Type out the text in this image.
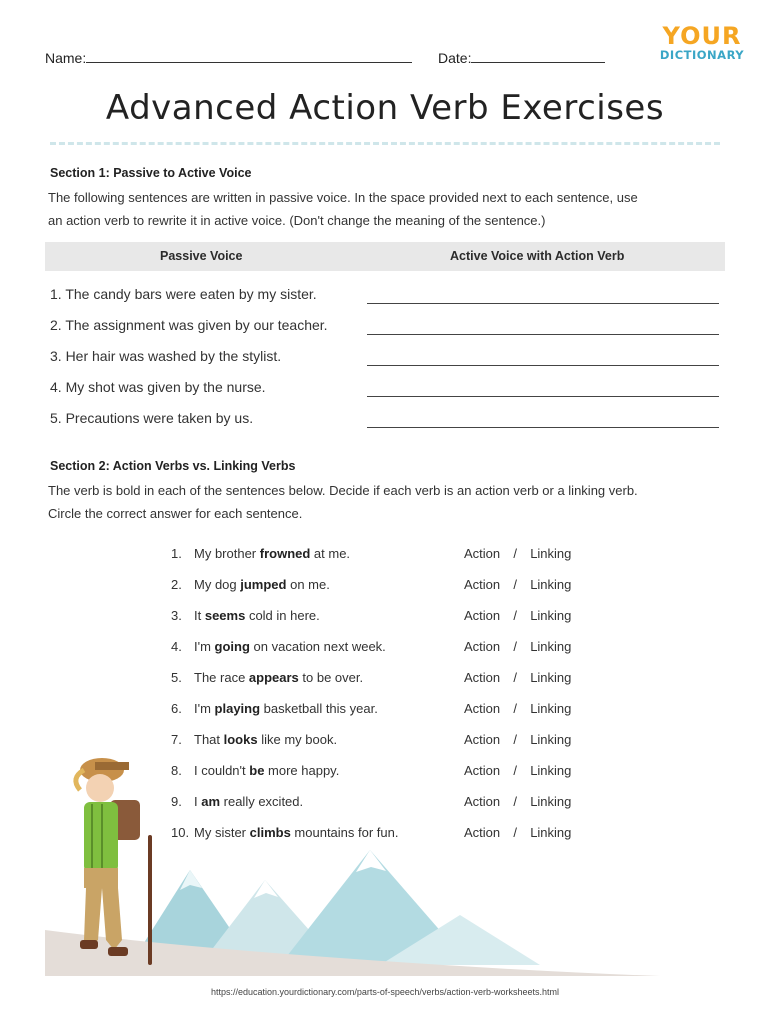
Name:	Date:
YOUR
DICTIONARY
Advanced Action Verb Exercises
Section 1: Passive to Active Voice
The following sentences are written in passive voice. In the space provided next to each sentence, use
an action verb to rewrite it in active voice. (Don't change the meaning of the sentence.)
Passive Voice	Active Voice with Action Verb
1. The candy bars were eaten by my sister.
2. The assignment was given by our teacher.
3. Her hair was washed by the stylist.
4. My shot was given by the nurse.
5. Precautions were taken by us.
Section 2: Action Verbs vs. Linking Verbs
The verb is bold in each of the sentences below. Decide if each verb is an action verb or a linking verb.
Circle the correct answer for each sentence.
1. My brother frowned at me.	Action  /  Linking
2. My dog jumped on me.	Action  /  Linking
3. It seems cold in here.	Action  /  Linking
4. I'm going on vacation next week.	Action  /  Linking
5. The race appears to be over.	Action  /  Linking
6. I'm playing basketball this year.	Action  /  Linking
7. That looks like my book.	Action  /  Linking
8. I couldn't be more happy.	Action  /  Linking
9. I am really excited.	Action  /  Linking
10. My sister climbs mountains for fun.	Action  /  Linking
https://education.yourdictionary.com/parts-of-speech/verbs/action-verb-worksheets.html
